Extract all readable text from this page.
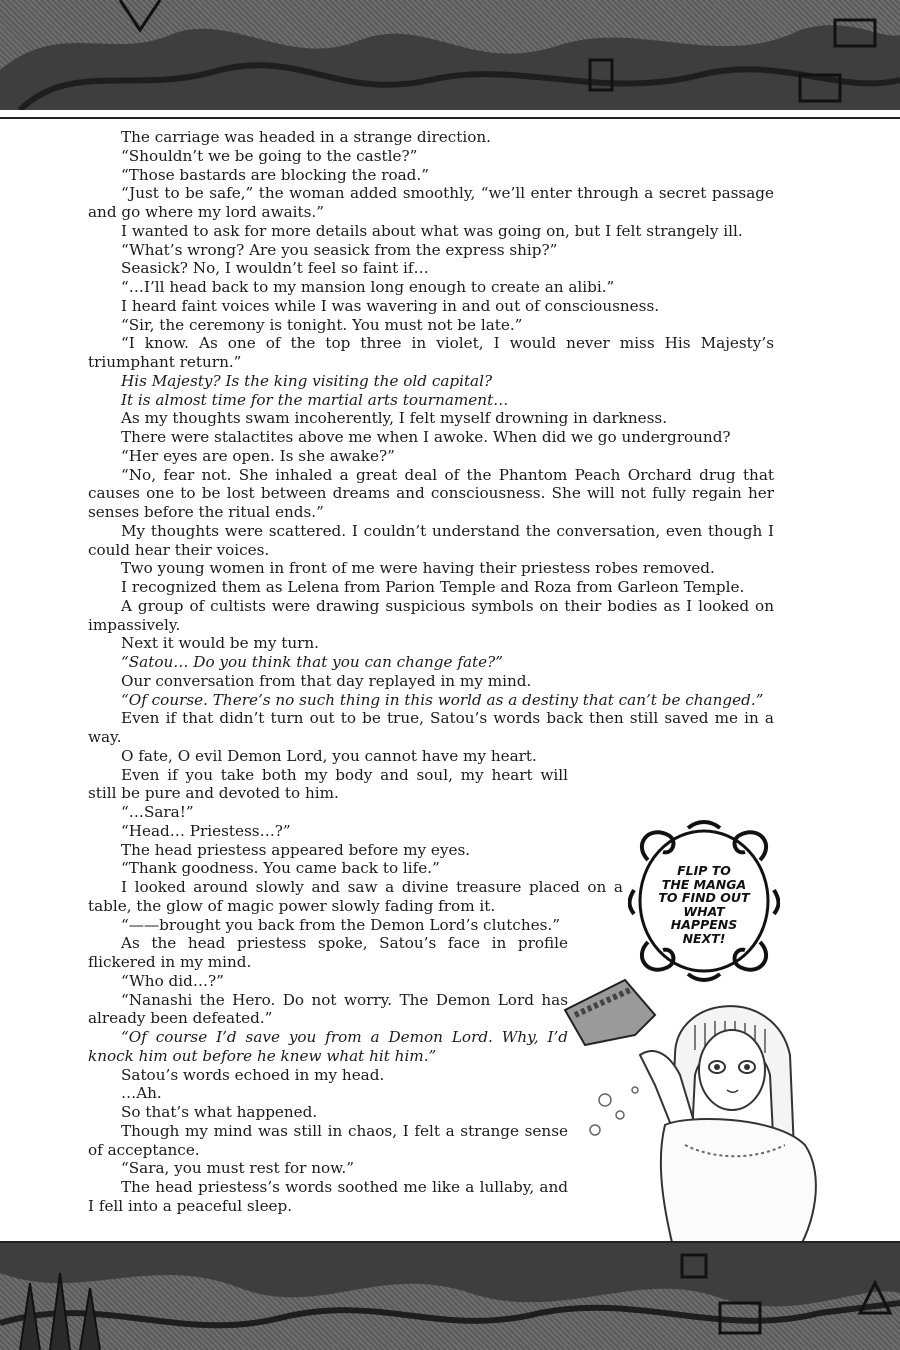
The carriage was headed in a strange direction.

“Shouldn’t we be going to the castle?”

“Those bastards are blocking the road.”

“Just to be safe,” the woman added smoothly, “we’ll enter through a secret passage and go where my lord awaits.”

I wanted to ask for more details about what was going on, but I felt strangely ill.

“What’s wrong? Are you seasick from the express ship?”

Seasick? No, I wouldn’t feel so faint if…

“…I’ll head back to my mansion long enough to create an alibi.”

I heard faint voices while I was wavering in and out of consciousness.

“Sir, the ceremony is tonight. You must not be late.”

“I know. As one of the top three in violet, I would never miss His Majesty’s triumphant return.”

His Majesty? Is the king visiting the old capital?

It is almost time for the martial arts tournament…

As my thoughts swam incoherently, I felt myself drowning in darkness.

There were stalactites above me when I awoke. When did we go underground?

“Her eyes are open. Is she awake?”

“No, fear not. She inhaled a great deal of the Phantom Peach Orchard drug that causes one to be lost between dreams and consciousness. She will not fully regain her senses before the ritual ends.”

My thoughts were scattered. I couldn’t understand the conversation, even though I could hear their voices.

Two young women in front of me were having their priestess robes removed.

I recognized them as Lelena from Parion Temple and Roza from Garleon Temple.

A group of cultists were drawing suspicious symbols on their bodies as I looked on impassively.

Next it would be my turn.

“Satou… Do you think that you can change fate?”

Our conversation from that day replayed in my mind.

“Of course. There’s no such thing in this world as a destiny that can’t be changed.”

Even if that didn’t turn out to be true, Satou’s words back then still saved me in a way.

O fate, O evil Demon Lord, you cannot have my heart.

Even if you take both my body and soul, my heart will still be pure and devoted to him.

“…Sara!”

“Head… Priestess…?”

The head priestess appeared before my eyes.

“Thank goodness. You came back to life.”

I looked around slowly and saw a divine treasure placed on a table, the glow of magic power slowly fading from it.

“——brought you back from the Demon Lord’s clutches.”

As the head priestess spoke, Satou’s face in profile flickered in my mind.

“Who did…?”

“Nanashi the Hero. Do not worry. The Demon Lord has already been defeated.”

“Of course I’d save you from a Demon Lord. Why, I’d knock him out before he knew what hit him.”

Satou’s words echoed in my head.

…Ah.

So that’s what happened.

Though my mind was still in chaos, I felt a strange sense of acceptance.

“Sara, you must rest for now.”

The head priestess’s words soothed me like a lullaby, and I fell into a peaceful sleep.

FLIP TO
THE MANGA
TO FIND OUT
WHAT
HAPPENS
NEXT!
